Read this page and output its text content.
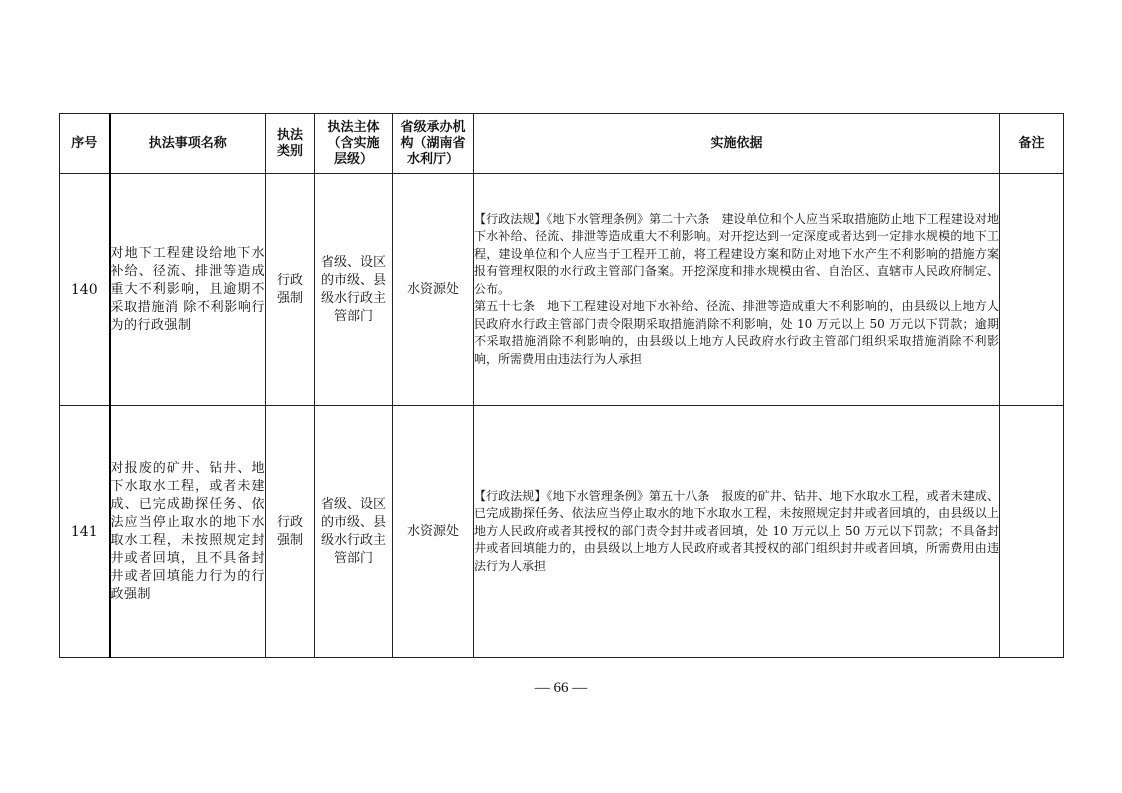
序号	执法事项名称	执法类别	执法主体（含实施层级）	省级承办机构（湖南省水利厅）	实施依据	备注
140	对地下工程建设给地下水补给、径流、排泄等造成重大不利影响，且逾期不采取措施消 除不利影响行为的行政强制	行政强制	省级、设区的市级、县级水行政主管部门	水资源处	【行政法规】《地下水管理条例》第二十六条　建设单位和个人应当采取措施防止地下工程建设对地下水补给、径流、排泄等造成重大不利影响。对开挖达到一定深度或者达到一定排水规模的地下工程，建设单位和个人应当于工程开工前，将工程建设方案和防止对地下水产生不利影响的措施方案报有管理权限的水行政主管部门备案。开挖深度和排水规模由省、自治区、直辖市人民政府制定、公布。
第五十七条　地下工程建设对地下水补给、径流、排泄等造成重大不利影响的，由县级以上地方人民政府水行政主管部门责令限期采取措施消除不利影响，处 10 万元以上 50 万元以下罚款；逾期不采取措施消除不利影响的，由县级以上地方人民政府水行政主管部门组织采取措施消除不利影响，所需费用由违法行为人承担	

141	对报废的矿井、钻井、地下水取水工程，或者未建成、已完成勘探任务、依法应当停止取水的地下水取水工程，未按照规定封 井或者回填，且不具备封井或者回填能力行为的行政强制	行政强制	省级、设区的市级、县级水行政主管部门	水资源处	【行政法规】《地下水管理条例》第五十八条　报废的矿井、钻井、地下水取水工程，或者未建成、已完成勘探任务、依法应当停止取水的地下水取水工程，未按照规定封井或者回填的，由县级以上地方人民政府或者其授权的部门责令封井或者回填，处 10 万元以上 50 万元以下罚款；不具备封井或者回填能力的，由县级以上地方人民政府或者其授权的部门组织封井或者回填，所需费用由违法行为人承担	

— 66 —
